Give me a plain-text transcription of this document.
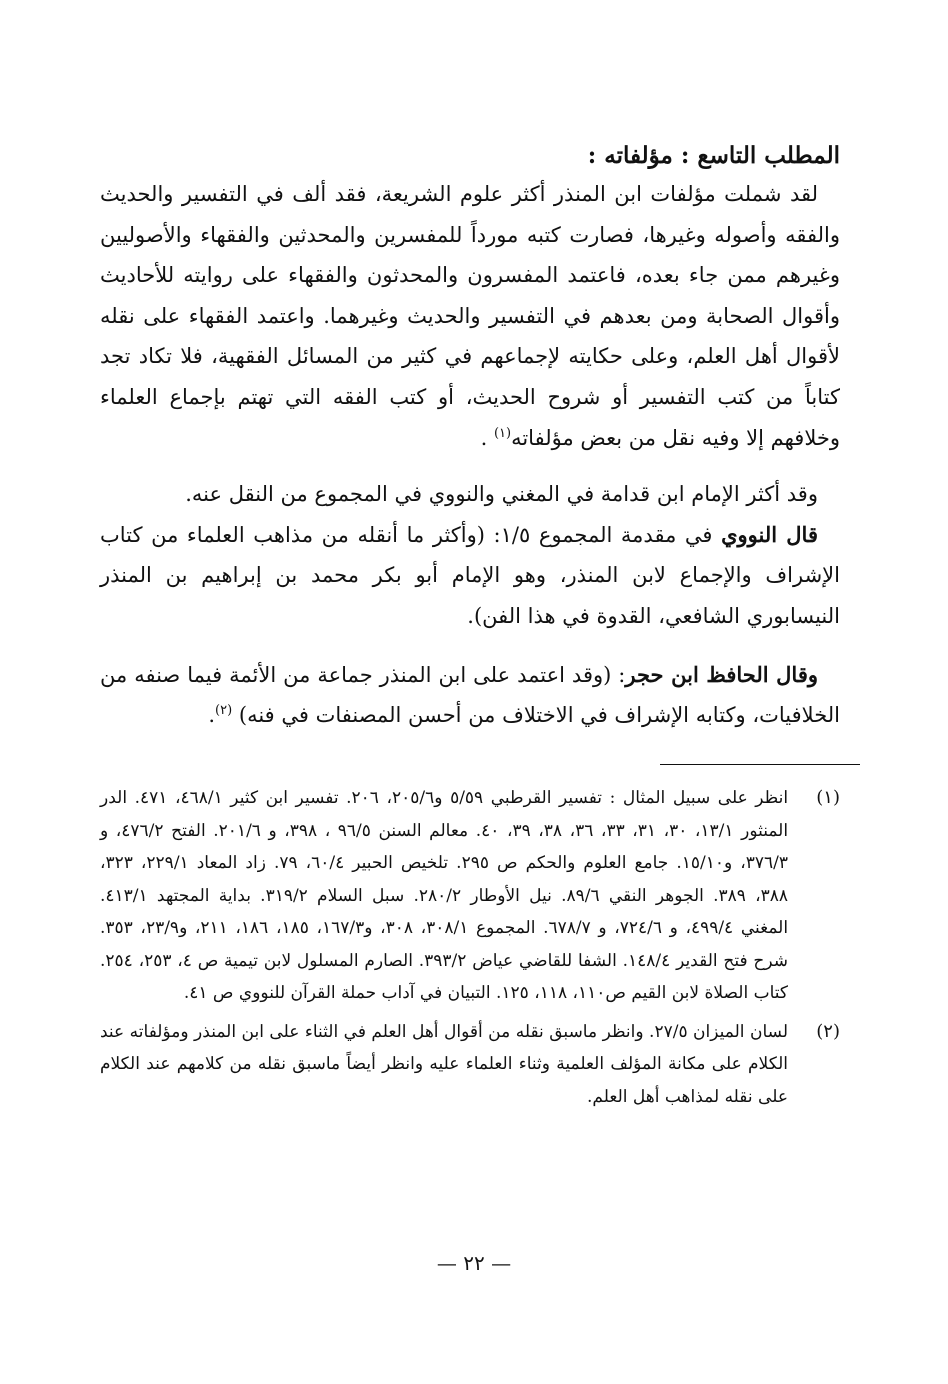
المطلب التاسع : مؤلفاته :

لقد شملت مؤلفات ابن المنذر أكثر علوم الشريعة، فقد ألف في التفسير والحديث والفقه وأصوله وغيرها، فصارت كتبه مورداً للمفسرين والمحدثين والفقهاء والأصوليين وغيرهم ممن جاء بعده، فاعتمد المفسرون والمحدثون والفقهاء على روايته للأحاديث وأقوال الصحابة ومن بعدهم في التفسير والحديث وغيرهما. واعتمد الفقهاء على نقله لأقوال أهل العلم، وعلى حكايته لإجماعهم في كثير من المسائل الفقهية، فلا تكاد تجد كتاباً من كتب التفسير أو شروح الحديث، أو كتب الفقه التي تهتم بإجماع العلماء وخلافهم إلا وفيه نقل من بعض مؤلفاته$^{(١)}$ .

وقد أكثر الإمام ابن قدامة في المغني والنووي في المجموع من النقل عنه.

قال النووي في مقدمة المجموع ١/٥: (وأكثر ما أنقله من مذاهب العلماء من كتاب الإشراف والإجماع لابن المنذر، وهو الإمام أبو بكر محمد بن إبراهيم بن المنذر النيسابوري الشافعي، القدوة في هذا الفن).

وقال الحافظ ابن حجر: (وقد اعتمد على ابن المنذر جماعة من الأئمة فيما صنفه من الخلافيات، وكتابه الإشراف في الاختلاف من أحسن المصنفات في فنه) $^{(٢)}$.

(١)
انظر على سبيل المثال : تفسير القرطبي ٥/٥٩ و٢٠٥/٦، ٢٠٦. تفسير ابن كثير ٤٦٨/١، ٤٧١. الدر المنثور ١٣/١، ٣٠، ٣١، ٣٣، ٣٦، ٣٨، ٣٩، ٤٠. معالم السنن ٩٦/٥ ، ٣٩٨، و ٢٠١/٦. الفتح ٤٧٦/٢، و ٣٧٦/٣، و١٥/١٠. جامع العلوم والحكم ص ٢٩٥. تلخيص الحبير ٦٠/٤، ٧٩. زاد المعاد ٢٢٩/١، ٣٢٣، ٣٨٨، ٣٨٩. الجوهر النقي ٨٩/٦. نيل الأوطار ٢٨٠/٢. سبل السلام ٣١٩/٢. بداية المجتهد ٤١٣/١. المغني ٤٩٩/٤، و ٧٢٤/٦، و ٦٧٨/٧. المجموع ٣٠٨/١، ٣٠٨، و١٦٧/٣، ١٨٥، ١٨٦، ٢١١، و٢٣/٩، ٣٥٣. شرح فتح القدير ١٤٨/٤. الشفا للقاضي عياض ٣٩٣/٢. الصارم المسلول لابن تيمية ص ٤، ٢٥٣، ٢٥٤. كتاب الصلاة لابن القيم ص١١٠، ١١٨، ١٢٥. التبيان في آداب حملة القرآن للنووي ص ٤١.
(٢)
لسان الميزان ٢٧/٥. وانظر ماسبق نقله من أقوال أهل العلم في الثناء على ابن المنذر ومؤلفاته عند الكلام على مكانة المؤلف العلمية وثناء العلماء عليه وانظر أيضاً ماسبق نقله من كلامهم عند الكلام على نقله لمذاهب أهل العلم.
— ٢٢ —
